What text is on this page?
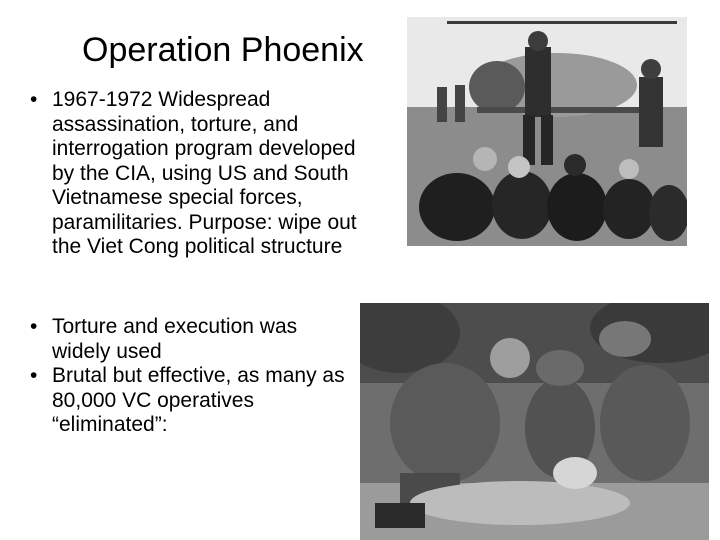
Operation Phoenix
• 1967-1972 Widespread assassination, torture, and interrogation program developed by the CIA, using US and South Vietnamese special forces, paramilitaries. Purpose: wipe out the Viet Cong political structure
• Torture and execution was widely used
• Brutal but effective, as many as 80,000 VC operatives “eliminated”:
